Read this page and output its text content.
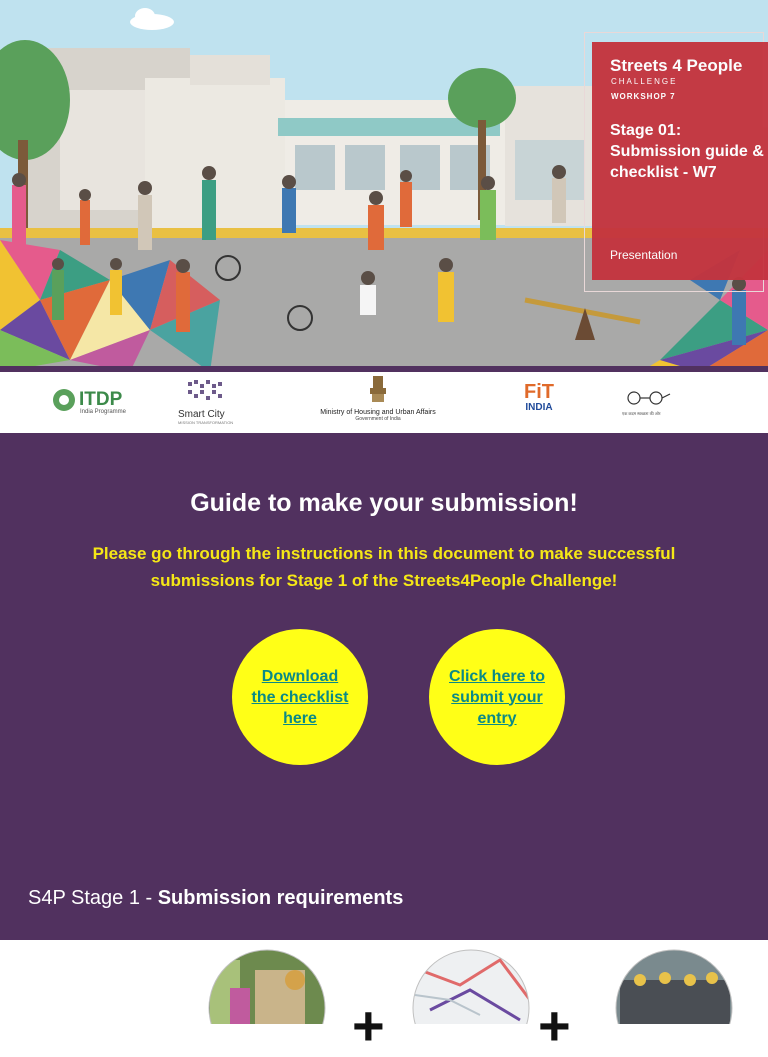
Streets 4 People
CHALLENGE
WORKSHOP 7
Stage 01: Submission guide & checklist - W7
Presentation
ITDP
India Programme	Smart City
MISSION TRANSFORMATION
Ministry of Housing and Urban Affairs
Government of India
FiT
INDIA
एक कदम स्वच्छता की ओर
Guide to make your submission!
Please go through the instructions in this document to make successful submissions for Stage 1 of the Streets4People Challenge!
Download the checklist here
Click here to submit your entry
S4P Stage 1 - Submission requirements
+	+
